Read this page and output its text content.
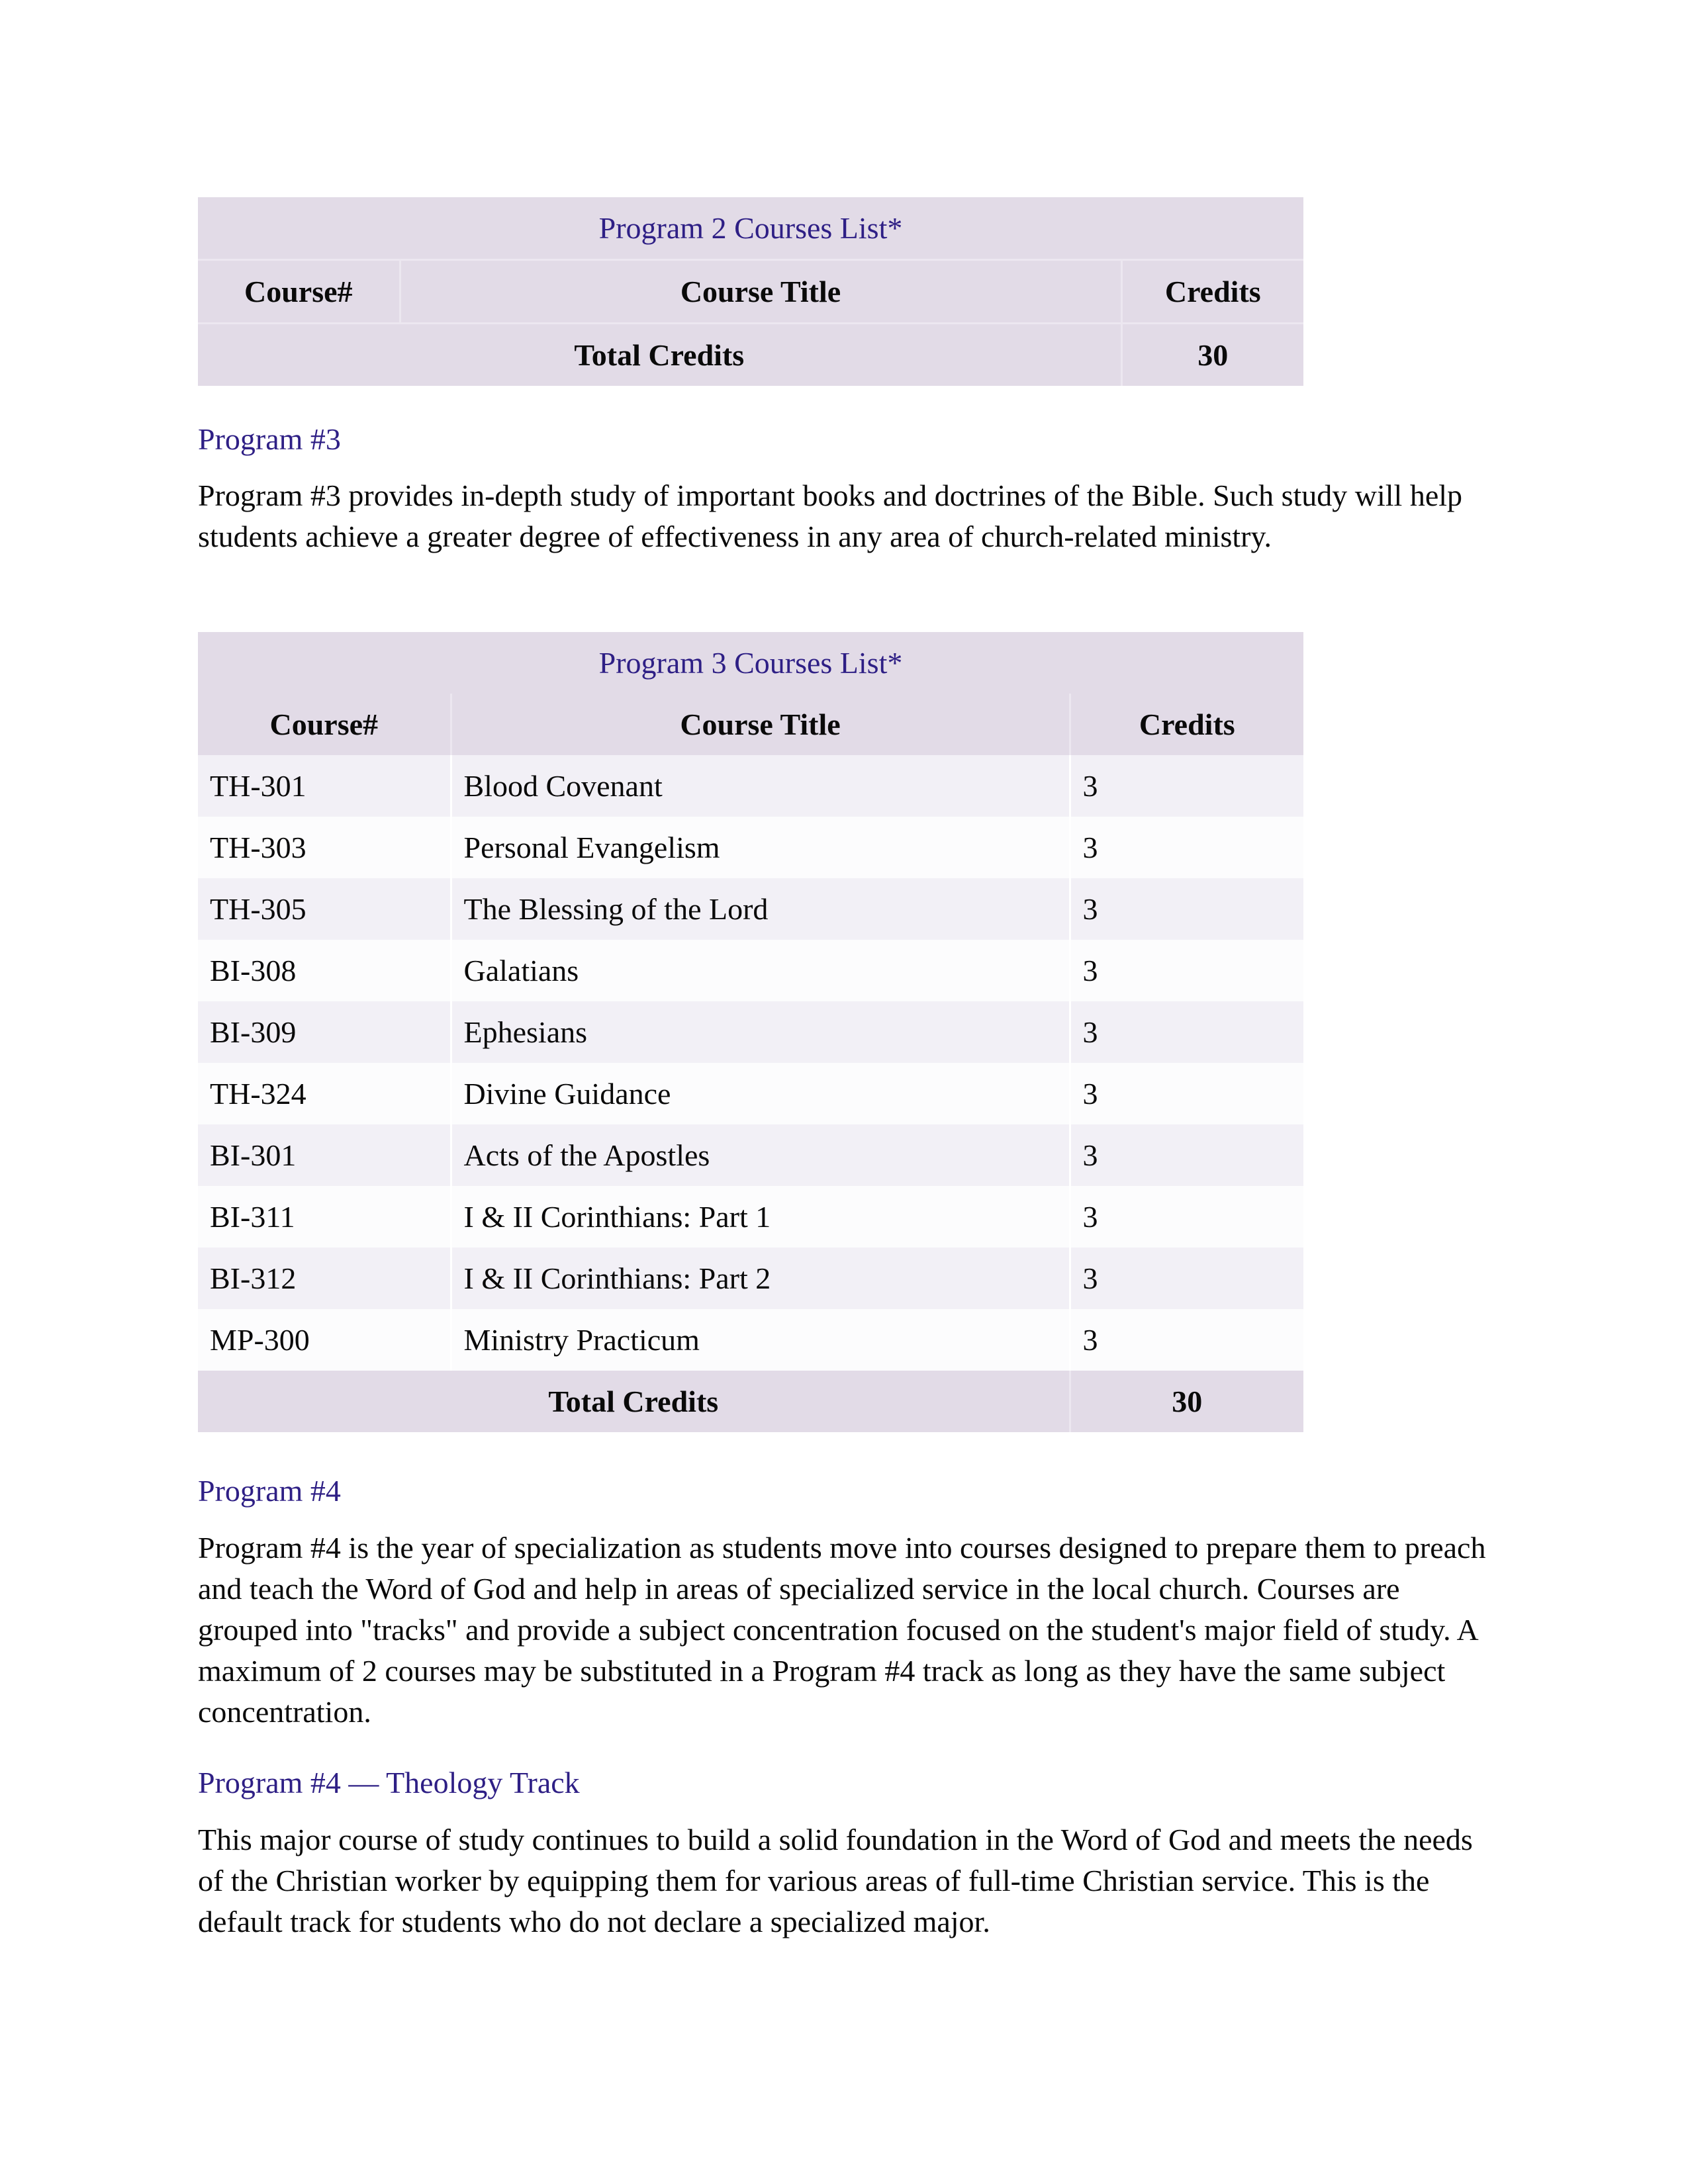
Program 2 Courses List*		
Course#	Course Title	Credits
Total Credits		30
Program #3

Program #3 provides in-depth study of important books and doctrines of the Bible. Such study will help students achieve a greater degree of effectiveness in any area of church-related ministry.

Program 3 Courses List*		
Course#	Course Title	Credits
TH-301	Blood Covenant	3
TH-303	Personal Evangelism	3
TH-305	The Blessing of the Lord	3
BI-308	Galatians	3
BI-309	Ephesians	3
TH-324	Divine Guidance	3
BI-301	Acts of the Apostles	3
BI-311	I & II Corinthians: Part 1	3
BI-312	I & II Corinthians: Part 2	3
MP-300	Ministry Practicum	3
Total Credits		30
Program #4

Program #4 is the year of specialization as students move into courses designed to prepare them to preach and teach the Word of God and help in areas of specialized service in the local church. Courses are grouped into "tracks" and provide a subject concentration focused on the student's major field of study. A maximum of 2 courses may be substituted in a Program #4 track as long as they have the same subject concentration.

Program #4 — Theology Track

This major course of study continues to build a solid foundation in the Word of God and meets the needs of the Christian worker by equipping them for various areas of full-time Christian service. This is the default track for students who do not declare a specialized major.
